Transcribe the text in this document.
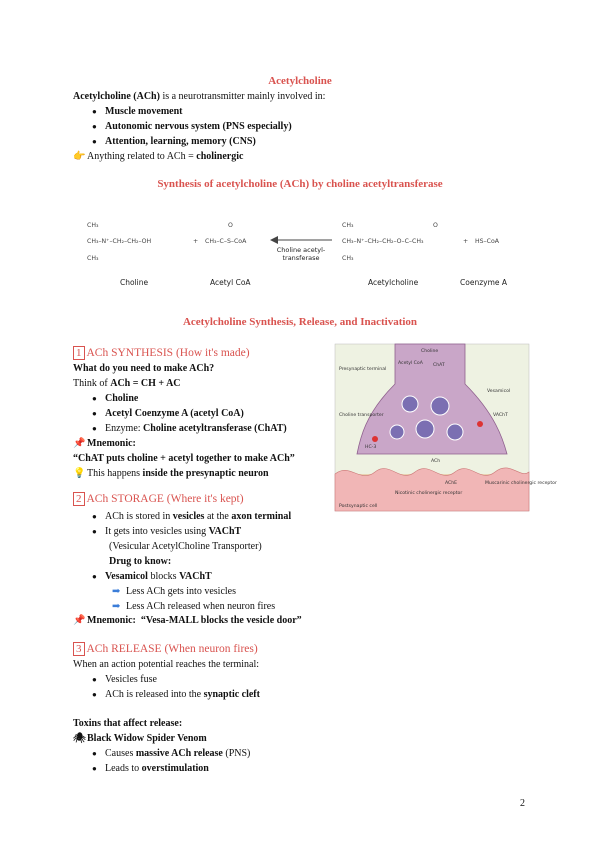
Acetylcholine
Acetylcholine (ACh) is a neurotransmitter mainly involved in:
● Muscle movement
● Autonomic nervous system (PNS especially)
● Attention, learning, memory (CNS)
👉 Anything related to ACh = cholinergic
Synthesis of acetylcholine (ACh) by choline acetyltransferase
CH₃
CH₃–N⁺–CH₂–CH₂–OH
CH₃
+
O
CH₃–C–S–CoA
Choline acetyl-transferase
CH₃
CH₃–N⁺–CH₂–CH₂–O–C–CH₃
CH₃
O
+ HS–CoA
Choline	Acetyl CoA	Acetylcholine	Coenzyme A
Acetylcholine Synthesis, Release, and Inactivation
1 ACh SYNTHESIS (How it's made)
What do you need to make ACh?
Think of ACh = CH + AC
● Choline
● Acetyl Coenzyme A (acetyl CoA)
● Enzyme: Choline acetyltransferase (ChAT)
📌 Mnemonic:
“ChAT puts choline + acetyl together to make ACh”
💡 This happens inside the presynaptic neuron
Choline
Presynaptic terminal
Acetyl CoA ChAT
Vesamicol
VAChT
Choline transporter
HC-3
ACh
AChE
Nicotinic cholinergic receptor
Muscarinic cholinergic receptor
Postsynaptic cell
2 ACh STORAGE (Where it's kept)
● ACh is stored in vesicles at the axon terminal
● It gets into vesicles using VAChT
(Vesicular AcetylCholine Transporter)
Drug to know:
● Vesamicol blocks VAChT
➡ Less ACh gets into vesicles
➡ Less ACh released when neuron fires
📌 Mnemonic: “Vesa-MALL blocks the vesicle door”
3 ACh RELEASE (When neuron fires)
When an action potential reaches the terminal:
● Vesicles fuse
● ACh is released into the synaptic cleft
Toxins that affect release:
🕷Black Widow Spider Venom
● Causes massive ACh release (PNS)
● Leads to overstimulation
2
